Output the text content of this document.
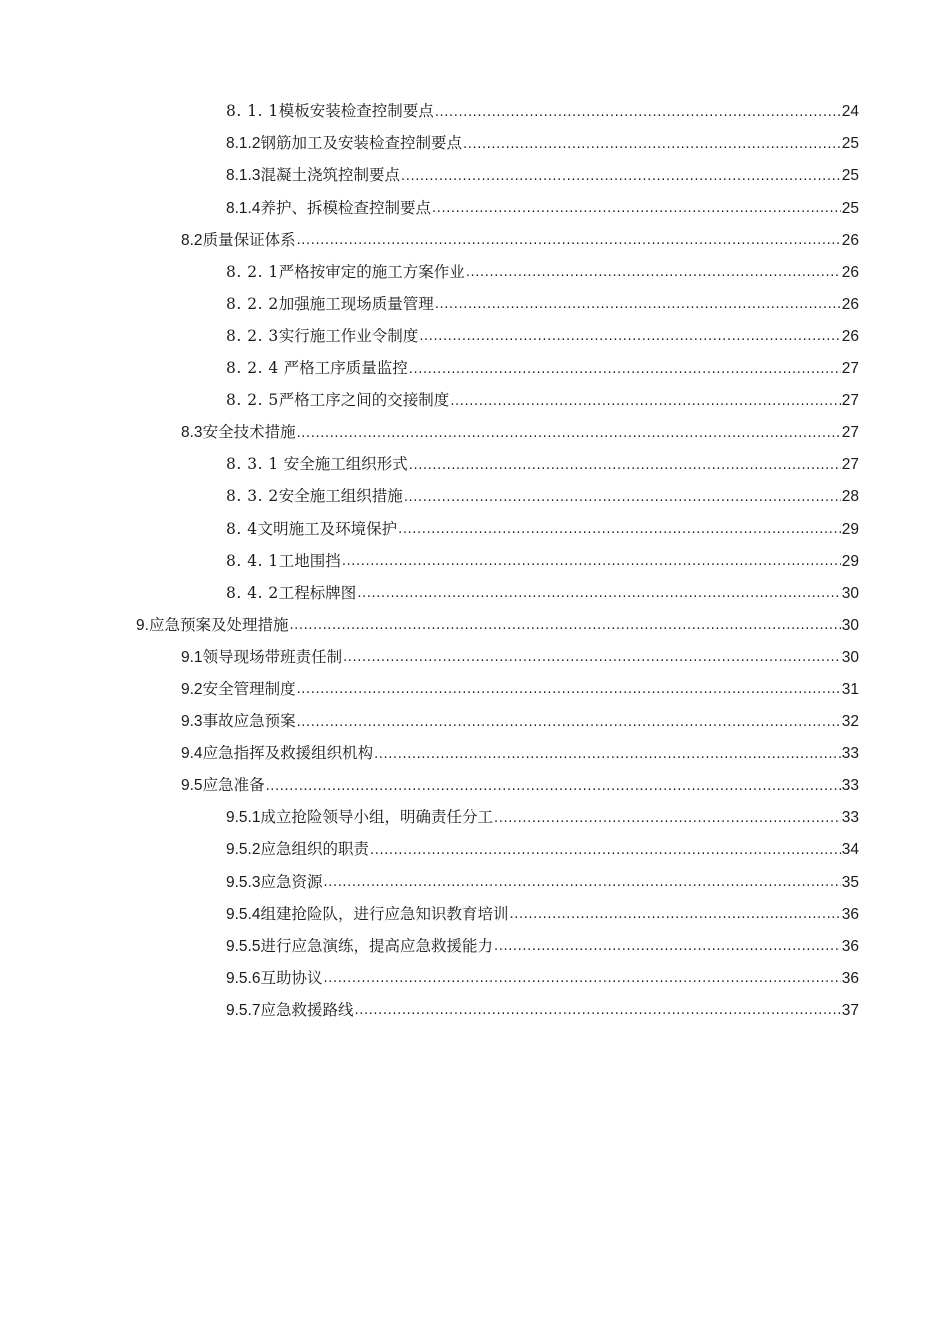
8. 1. 1 模板安装检查控制要点 .....	24
8.1.2 钢筋加工及安装检查控制要点 .....	25
8.1.3 混凝土浇筑控制要点 .....	25
8.1.4 养护、拆模检查控制要点 .....	25
8.2 质量保证体系 .....	26
8. 2. 1 严格按审定的施工方案作业 .....	26
8. 2. 2 加强施工现场质量管理 .....	26
8. 2. 3 实行施工作业令制度 .....	26
8. 2. 4 严格工序质量监控 .....	27
8. 2. 5 严格工序之间的交接制度 .....	27
8.3 安全技术措施 .....	27
8. 3. 1 安全施工组织形式 .....	27
8. 3. 2 安全施工组织措施 .....	28
8. 4 文明施工及环境保护 .....	29
8. 4. 1 工地围挡 .....	29
8. 4. 2 工程标牌图 .....	30
9. 应急预案及处理措施 .....	30
9.1 领导现场带班责任制 .....	30
9.2 安全管理制度 .....	31
9.3 事故应急预案 .....	32
9.4 应急指挥及救援组织机构 .....	33
9.5 应急准备 .....	33
9.5.1 成立抢险领导小组，明确责任分工 .....	33
9.5.2 应急组织的职责 .....	34
9.5.3 应急资源 .....	35
9.5.4 组建抢险队，进行应急知识教育培训 .....	36
9.5.5 进行应急演练，提高应急救援能力 .....	36
9.5.6 互助协议 .....	36
9.5.7 应急救援路线 .....	37
